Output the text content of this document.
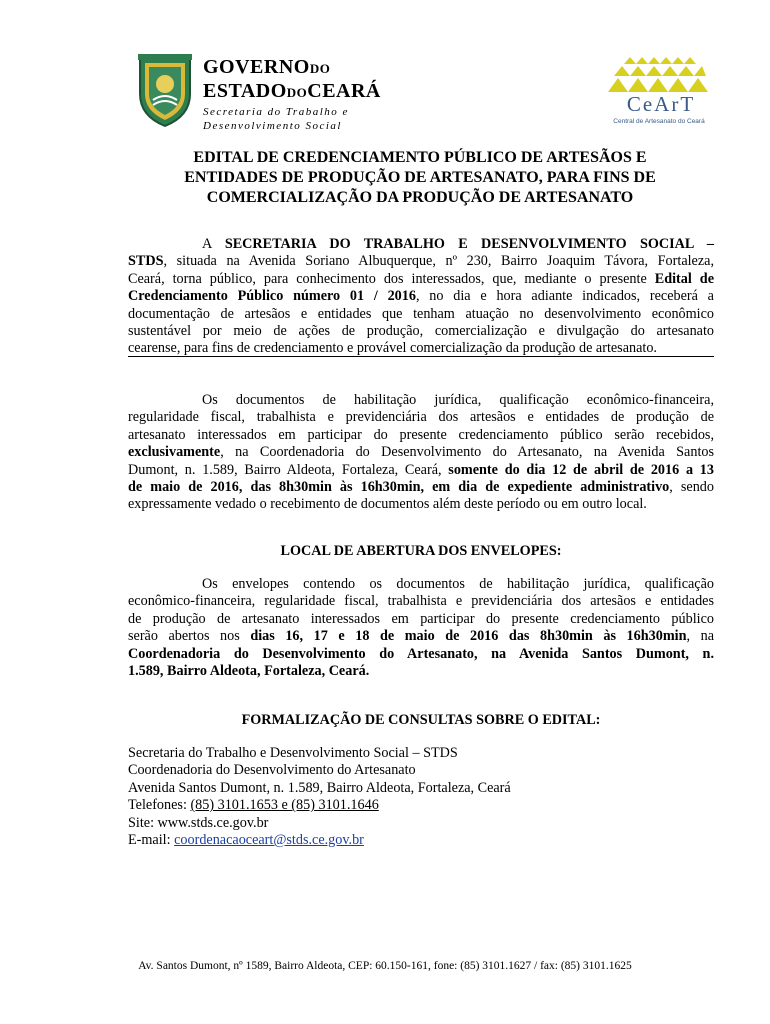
GOVERNODO
ESTADODOCEARÁ
Secretaria do Trabalho e
Desenvolvimento Social
CeArT
Central de Artesanato do Ceará
EDITAL DE CREDENCIAMENTO PÚBLICO DE ARTESÃOS E
ENTIDADES DE PRODUÇÃO DE ARTESANATO, PARA FINS DE
COMERCIALIZAÇÃO DA PRODUÇÃO DE ARTESANATO
A SECRETARIA DO TRABALHO E DESENVOLVIMENTO SOCIAL –
STDS, situada na Avenida Soriano Albuquerque, nº 230, Bairro Joaquim Távora, Fortaleza,
Ceará, torna público, para conhecimento dos interessados, que, mediante o presente Edital de
Credenciamento Público número 01 / 2016, no dia e hora adiante indicados, receberá a
documentação de artesãos e entidades que tenham atuação no desenvolvimento econômico
sustentável por meio de ações de produção, comercialização e divulgação do artesanato
cearense, para fins de credenciamento e provável comercialização da produção de artesanato.
Os documentos de habilitação jurídica, qualificação econômico-financeira,
regularidade fiscal, trabalhista e previdenciária dos artesãos e entidades de produção de
artesanato interessados em participar do presente credenciamento público serão recebidos,
exclusivamente, na Coordenadoria do Desenvolvimento do Artesanato, na Avenida Santos
Dumont, n. 1.589, Bairro Aldeota, Fortaleza, Ceará, somente do dia 12 de abril de 2016 a 13
de maio de 2016, das 8h30min às 16h30min, em dia de expediente administrativo, sendo
expressamente vedado o recebimento de documentos além deste período ou em outro local.
LOCAL DE ABERTURA DOS ENVELOPES:
Os envelopes contendo os documentos de habilitação jurídica, qualificação
econômico-financeira, regularidade fiscal, trabalhista e previdenciária dos artesãos e entidades
de produção de artesanato interessados em participar do presente credenciamento público
serão abertos nos dias 16, 17 e 18 de maio de 2016 das 8h30min às 16h30min, na
Coordenadoria do Desenvolvimento do Artesanato, na Avenida Santos Dumont, n.
1.589, Bairro Aldeota, Fortaleza, Ceará.
FORMALIZAÇÃO DE CONSULTAS SOBRE O EDITAL:
Secretaria do Trabalho e Desenvolvimento Social – STDS
Coordenadoria do Desenvolvimento do Artesanato
Avenida Santos Dumont, n. 1.589, Bairro Aldeota, Fortaleza, Ceará
Telefones: (85) 3101.1653 e (85) 3101.1646
Site: www.stds.ce.gov.br
E-mail: coordenacaoceart@stds.ce.gov.br
Av. Santos Dumont, nº 1589, Bairro Aldeota, CEP: 60.150-161, fone: (85) 3101.1627 / fax: (85) 3101.1625
